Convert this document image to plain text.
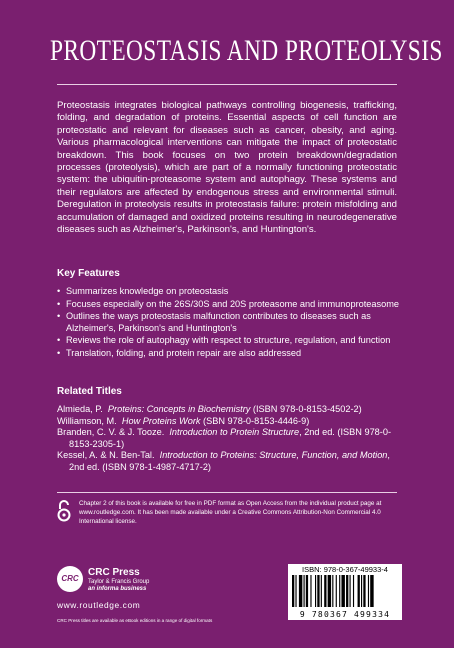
PROTEOSTASIS AND PROTEOLYSIS
Proteostasis integrates biological pathways controlling biogenesis, trafficking, folding, and degradation of proteins. Essential aspects of cell function are proteostatic and relevant for diseases such as cancer, obesity, and aging. Various pharmacological interventions can mitigate the impact of proteostatic breakdown. This book focuses on two protein breakdown/degradation processes (proteolysis), which are part of a normally functioning proteostatic system: the ubiquitin-proteasome system and autophagy. These systems and their regulators are affected by endogenous stress and environmental stimuli. Deregulation in proteolysis results in proteostasis failure: protein misfolding and accumulation of damaged and oxidized proteins resulting in neurodegenerative diseases such as Alzheimer's, Parkinson's, and Huntington's.
Key Features
• Summarizes knowledge on proteostasis
• Focuses especially on the 26S/30S and 20S proteasome and immunoproteasome
• Outlines the ways proteostasis malfunction contributes to diseases such as Alzheimer's, Parkinson's and Huntington's
• Reviews the role of autophagy with respect to structure, regulation, and function
• Translation, folding, and protein repair are also addressed
Related Titles
Almieda, P. Proteins: Concepts in Biochemistry (ISBN 978-0-8153-4502-2)
Williamson, M. How Proteins Work (SBN 978-0-8153-4446-9)
Branden, C. V. & J. Tooze. Introduction to Protein Structure, 2nd ed. (ISBN 978-0-8153-2305-1)
Kessel, A. & N. Ben-Tal. Introduction to Proteins: Structure, Function, and Motion, 2nd ed. (ISBN 978-1-4987-4717-2)
Chapter 2 of this book is available for free in PDF format as Open Access from the individual product page at www.routledge.com. It has been made available under a Creative Commons Attribution-Non Commercial 4.0 International license.
CRC
CRC Press
Taylor & Francis Group
an informa business
www.routledge.com
CRC Press titles are available as eBook editions in a range of digital formats
ISBN: 978-0-367-49933-4
9 780367 499334
